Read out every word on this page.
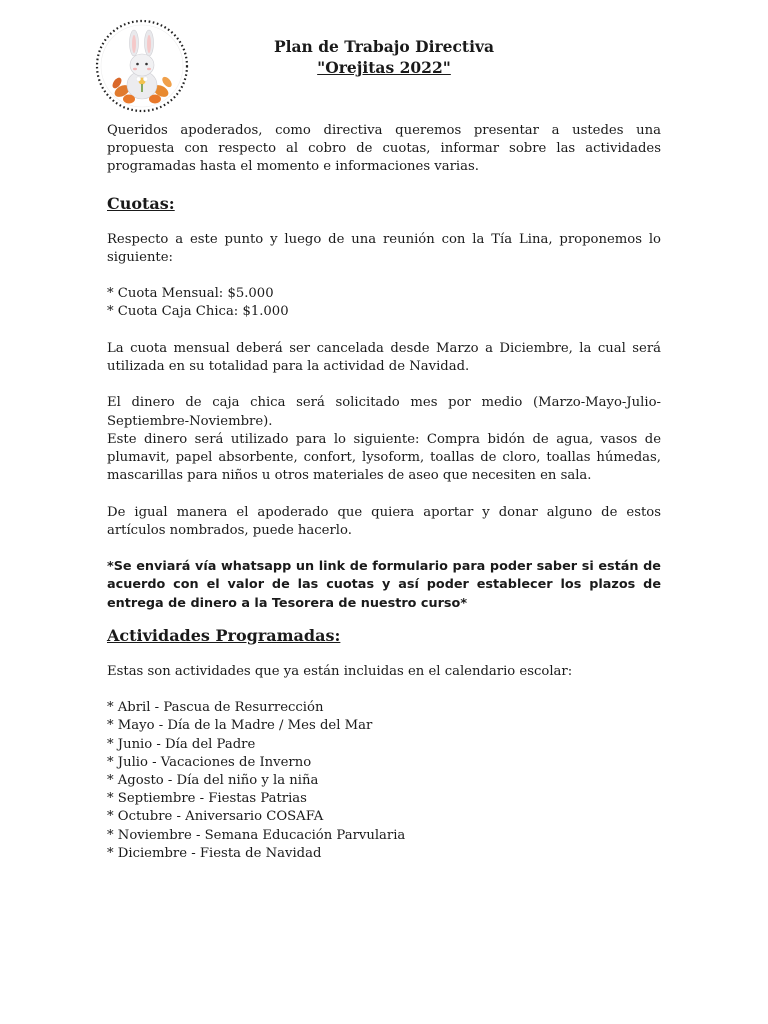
Plan de Trabajo Directiva
"Orejitas 2022"

Queridos apoderados, como directiva queremos presentar a ustedes una propuesta con respecto al cobro de cuotas, informar sobre las actividades programadas hasta el momento e informaciones varias.

Cuotas:

Respecto a este punto y luego de una reunión con la Tía Lina, proponemos lo siguiente:

* Cuota Mensual: $5.000

* Cuota Caja Chica: $1.000

La cuota mensual deberá ser cancelada desde Marzo a Diciembre, la cual será utilizada en su totalidad para la actividad de Navidad.

El dinero de caja chica será solicitado mes por medio (Marzo-Mayo-Julio-Septiembre-Noviembre).

Este dinero será utilizado para lo siguiente: Compra bidón de agua, vasos de plumavit, papel absorbente, confort, lysoform, toallas de cloro, toallas húmedas, mascarillas para niños u otros materiales de aseo que necesiten en sala.

De igual manera el apoderado que quiera aportar y donar alguno de estos artículos nombrados, puede hacerlo.

*Se enviará vía whatsapp un link de formulario para poder saber si están de acuerdo con el valor de las cuotas y así poder establecer los plazos de entrega de dinero a la Tesorera de nuestro curso*

Actividades Programadas:

Estas son actividades que ya están incluidas en el calendario escolar:

* Abril - Pascua de Resurrección

* Mayo - Día de la Madre / Mes del Mar

* Junio - Día del Padre

* Julio - Vacaciones de Inverno

* Agosto - Día del niño y la niña

* Septiembre - Fiestas Patrias

* Octubre - Aniversario COSAFA

* Noviembre - Semana Educación Parvularia

* Diciembre - Fiesta de Navidad
